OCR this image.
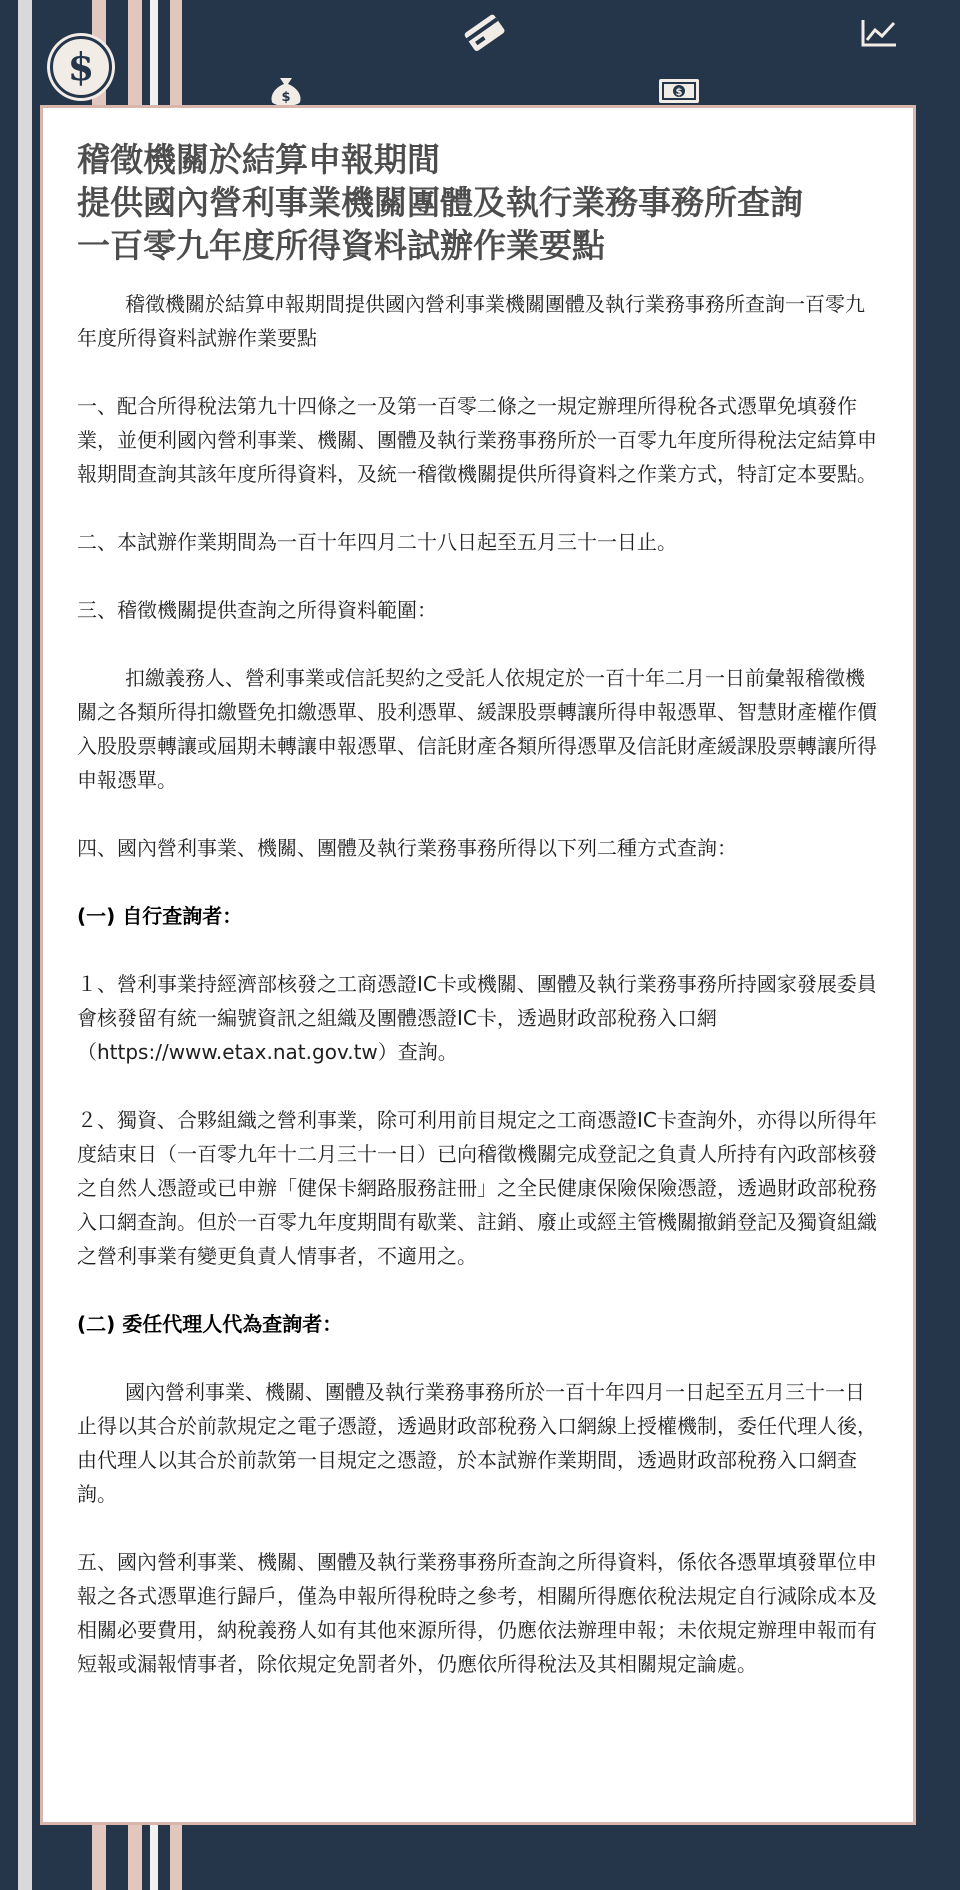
$
$	$
稽徵機關於結算申報期間
提供國內營利事業機關團體及執行業務事務所查詢
一百零九年度所得資料試辦作業要點

稽徵機關於結算申報期間提供國內營利事業機關團體及執行業務事務所查詢一百零九年度所得資料試辦作業要點

一、配合所得稅法第九十四條之一及第一百零二條之一規定辦理所得稅各式憑單免填發作業，並便利國內營利事業、機關、團體及執行業務事務所於一百零九年度所得稅法定結算申報期間查詢其該年度所得資料，及統一稽徵機關提供所得資料之作業方式，特訂定本要點。

二、本試辦作業期間為一百十年四月二十八日起至五月三十一日止。

三、稽徵機關提供查詢之所得資料範圍：

扣繳義務人、營利事業或信託契約之受託人依規定於一百十年二月一日前彙報稽徵機關之各類所得扣繳暨免扣繳憑單、股利憑單、緩課股票轉讓所得申報憑單、智慧財產權作價入股股票轉讓或屆期未轉讓申報憑單、信託財產各類所得憑單及信託財產緩課股票轉讓所得申報憑單。

四、國內營利事業、機關、團體及執行業務事務所得以下列二種方式查詢：

(一) 自行查詢者：

１、營利事業持經濟部核發之工商憑證IC卡或機關、團體及執行業務事務所持國家發展委員會核發留有統一編號資訊之組織及團體憑證IC卡，透過財政部稅務入口網（https://www.etax.nat.gov.tw）查詢。

２、獨資、合夥組織之營利事業，除可利用前目規定之工商憑證IC卡查詢外，亦得以所得年度結束日（一百零九年十二月三十一日）已向稽徵機關完成登記之負責人所持有內政部核發之自然人憑證或已申辦「健保卡網路服務註冊」之全民健康保險保險憑證，透過財政部稅務入口網查詢。但於一百零九年度期間有歇業、註銷、廢止或經主管機關撤銷登記及獨資組織之營利事業有變更負責人情事者，不適用之。

(二) 委任代理人代為查詢者：

國內營利事業、機關、團體及執行業務事務所於一百十年四月一日起至五月三十一日止得以其合於前款規定之電子憑證，透過財政部稅務入口網線上授權機制，委任代理人後，由代理人以其合於前款第一目規定之憑證，於本試辦作業期間，透過財政部稅務入口網查詢。

五、國內營利事業、機關、團體及執行業務事務所查詢之所得資料，係依各憑單填發單位申報之各式憑單進行歸戶，僅為申報所得稅時之參考，相關所得應依稅法規定自行減除成本及相關必要費用，納稅義務人如有其他來源所得，仍應依法辦理申報；未依規定辦理申報而有短報或漏報情事者，除依規定免罰者外，仍應依所得稅法及其相關規定論處。
